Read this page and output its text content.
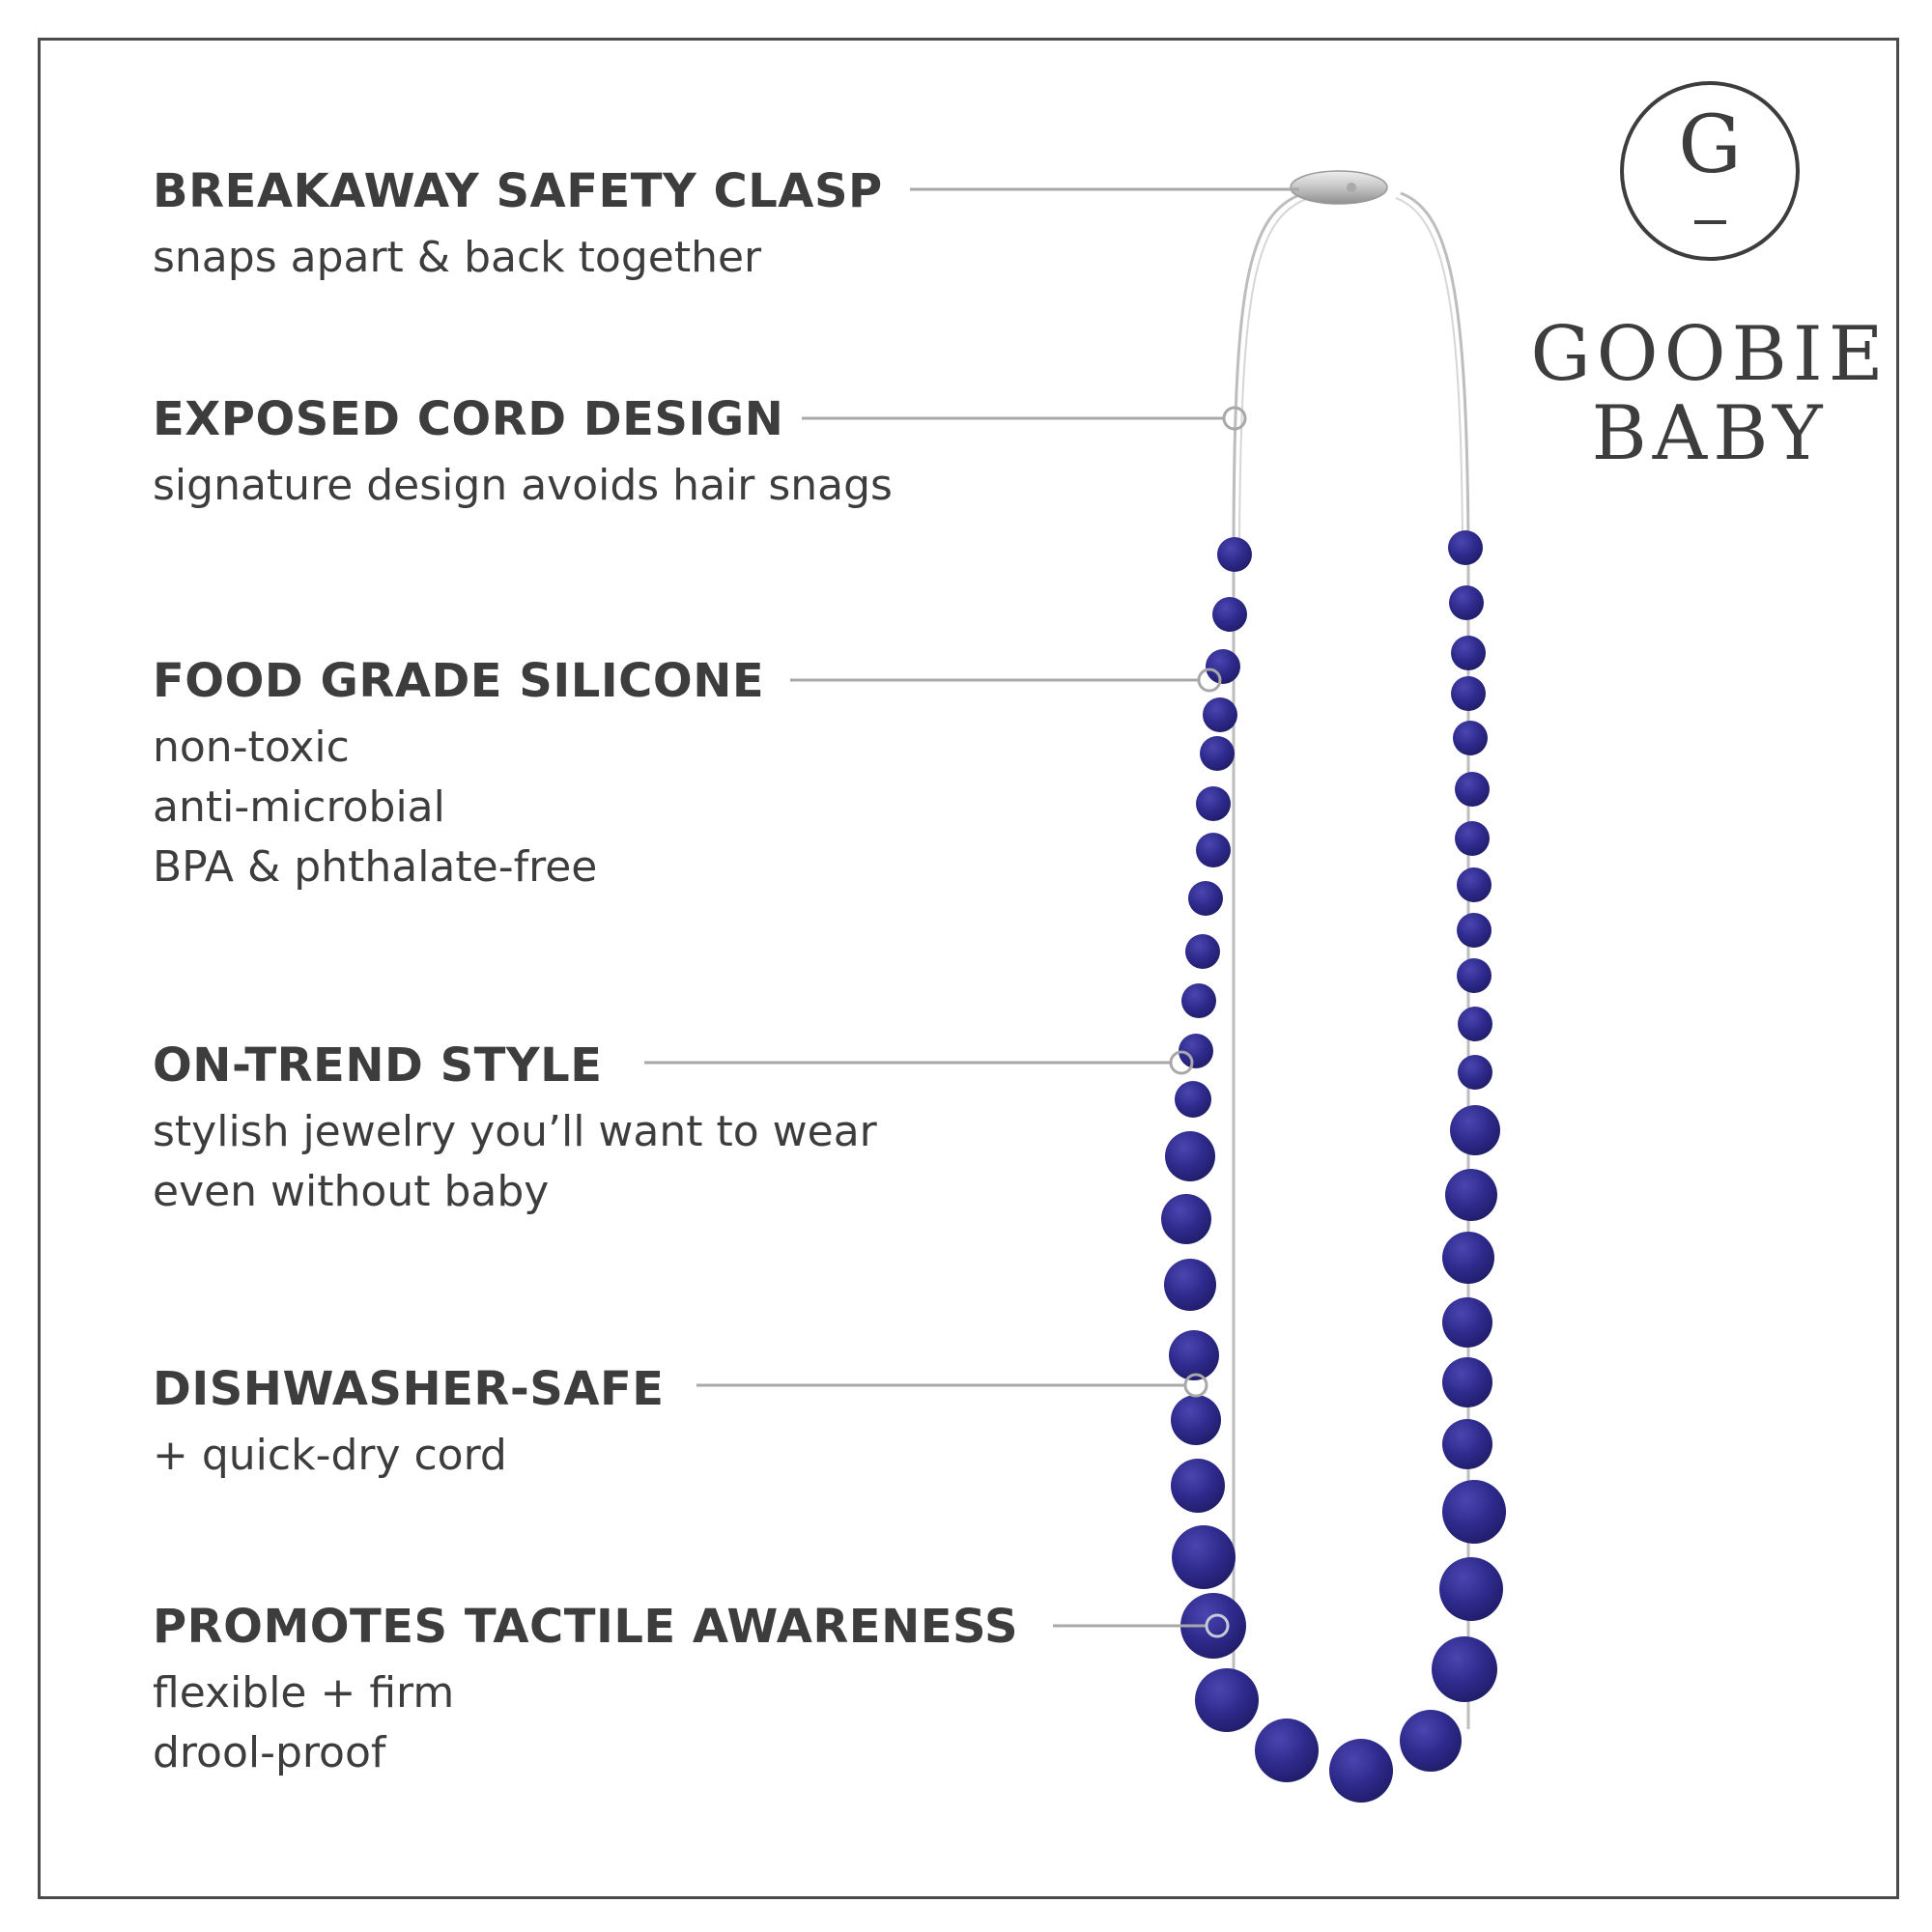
BREAKAWAY SAFETY CLASP
snaps apart & back together
EXPOSED CORD DESIGN
signature design avoids hair snags
FOOD GRADE SILICONE
non-toxic
anti-microbial
BPA & phthalate-free
ON-TREND STYLE
stylish jewelry you’ll want to wear
even without baby
DISHWASHER-SAFE
+ quick-dry cord
PROMOTES TACTILE AWARENESS
flexible + firm
drool-proof
G
GOOBIE
BABY
